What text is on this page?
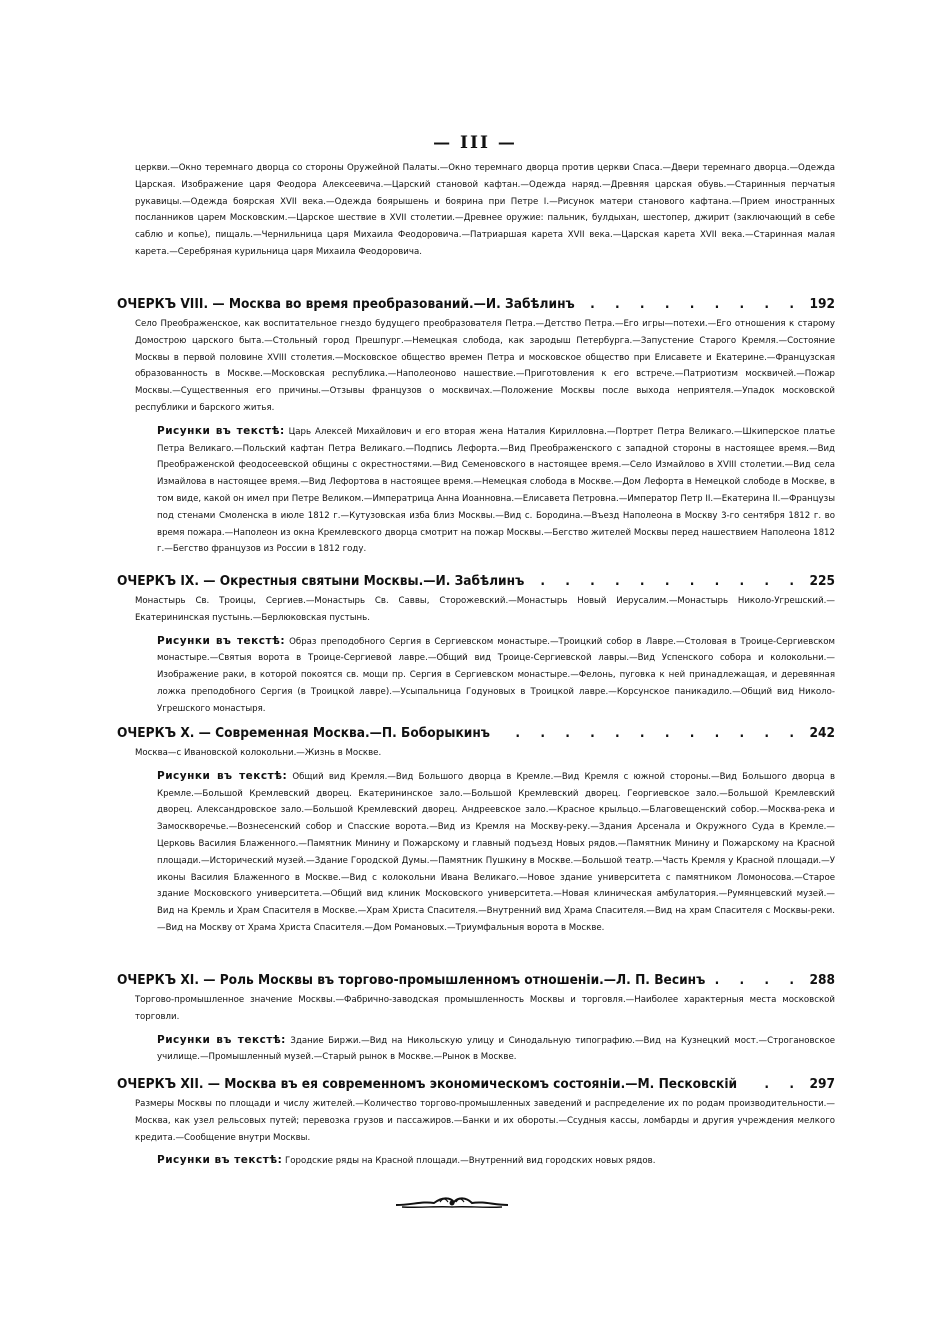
— III —

церкви.—Окно теремнаго дворца со стороны Оружейной Палаты.—Окно теремнаго дворца против церкви Спаса.—Двери теремнаго дворца.—Одежда Царская. Изображение царя Феодора Алексеевича.—Царский становой кафтан.—Одежда наряд.—Древняя царская обувь.—Старинныя перчатыя рукавицы.—Одежда боярская XVII века.—Одежда боярышень и боярина при Петре I.—Рисунок матери станового кафтана.—Прием иностранных посланников царем Московским.—Царское шествие в XVII столетии.—Древнее оружие: пальник, булдыхан, шестопер, джирит (заключающий в себе саблю и копье), пищаль.—Чернильница царя Михаила Феодоровича.—Патриаршая карета XVII века.—Царская карета XVII века.—Старинная малая карета.—Серебряная курильница царя Михаила Феодоровича.

. . . . . . . . .
ОЧЕРКЪ VIII. — Москва во время преобразований.—И. Забѣлинъ	192

Село Преображенское, как воспитательное гнездо будущего преобразователя Петра.—Детство Петра.—Его игры—потехи.—Его отношения к старому Домострою царского быта.—Стольный город Прешпург.—Немецкая слобода, как зародыш Петербурга.—Запустение Старого Кремля.—Состояние Москвы в первой половине XVIII столетия.—Московское общество времен Петра и московское общество при Елисавете и Екатерине.—Французская образованность в Москве.—Московская республика.—Наполеоново нашествие.—Приготовления к его встрече.—Патриотизм москвичей.—Пожар Москвы.—Существенныя его причины.—Отзывы французов о москвичах.—Положение Москвы после выхода неприятеля.—Упадок московской республики и барского житья.

Рисунки въ текстѣ: Царь Алексей Михайлович и его вторая жена Наталия Кирилловна.—Портрет Петра Великаго.—Шкиперское платье Петра Великаго.—Польский кафтан Петра Великаго.—Подпись Лефорта.—Вид Преображенского с западной стороны в настоящее время.—Вид Преображенской феодосеевской общины с окрестностями.—Вид Семеновского в настоящее время.—Село Измайлово в XVIII столетии.—Вид села Измайлова в настоящее время.—Вид Лефортова в настоящее время.—Немецкая слобода в Москве.—Дом Лефорта в Немецкой слободе в Москве, в том виде, какой он имел при Петре Великом.—Императрица Анна Иоанновна.—Елисавета Петровна.—Император Петр II.—Екатерина II.—Французы под стенами Смоленска в июле 1812 г.—Кутузовская изба близ Москвы.—Вид с. Бородина.—Въезд Наполеона в Москву 3-го сентября 1812 г. во время пожара.—Наполеон из окна Кремлевского дворца смотрит на пожар Москвы.—Бегство жителей Москвы перед нашествием Наполеона 1812 г.—Бегство французов из России в 1812 году.

. . . . . . . . . . .
ОЧЕРКЪ IX. — Окрестныя святыни Москвы.—И. Забѣлинъ	225

Монастырь Св. Троицы, Сергиев.—Монастырь Св. Саввы, Сторожевский.—Монастырь Новый Иерусалим.—Монастырь Николо-Угрешский.—Екатерининская пустынь.—Берлюковская пустынь.

Рисунки въ текстѣ: Образ преподобного Сергия в Сергиевском монастыре.—Троицкий собор в Лавре.—Столовая в Троице-Сергиевском монастыре.—Святыя ворота в Троице-Сергиевой лавре.—Общий вид Троице-Сергиевской лавры.—Вид Успенского собора и колокольни.—Изображение раки, в которой покоятся св. мощи пр. Сергия в Сергиевском монастыре.—Фелонь, пуговка к ней принадлежащая, и деревянная ложка преподобного Сергия (в Троицкой лавре).—Усыпальница Годуновых в Троицкой лавре.—Корсунское паникадило.—Общий вид Николо-Угрешского монастыря.

. . . . . . . . . . . . .
ОЧЕРКЪ X. — Современная Москва.—П. Боборыкинъ	242

Москва—с Ивановской колокольни.—Жизнь в Москве.

Рисунки въ текстѣ: Общий вид Кремля.—Вид Большого дворца в Кремле.—Вид Кремля с южной стороны.—Вид Большого дворца в Кремле.—Большой Кремлевский дворец. Екатерининское зало.—Большой Кремлевский дворец. Георгиевское зало.—Большой Кремлевский дворец. Александровское зало.—Большой Кремлевский дворец. Андреевское зало.—Красное крыльцо.—Благовещенский собор.—Москва-река и Замоскворечье.—Вознесенский собор и Спасские ворота.—Вид из Кремля на Москву-реку.—Здания Арсенала и Окружного Суда в Кремле.—Церковь Василия Блаженного.—Памятник Минину и Пожарскому и главный подъезд Новых рядов.—Памятник Минину и Пожарскому на Красной площади.—Исторический музей.—Здание Городской Думы.—Памятник Пушкину в Москве.—Большой театр.—Часть Кремля у Красной площади.—У иконы Василия Блаженного в Москве.—Вид с колокольни Ивана Великаго.—Новое здание университета с памятником Ломоносова.—Старое здание Московского университета.—Общий вид клиник Московского университета.—Новая клиническая амбулатория.—Румянцевский музей.—Вид на Кремль и Храм Спасителя в Москве.—Храм Христа Спасителя.—Внутренний вид Храма Спасителя.—Вид на храм Спасителя с Москвы-реки.—Вид на Москву от Храма Христа Спасителя.—Дом Романовых.—Триумфальныя ворота в Москве.

. . . .
ОЧЕРКЪ XI. — Роль Москвы въ торгово-промышленномъ отношеніи.—Л. П. Весинъ	288

Торгово-промышленное значение Москвы.—Фабрично-заводская промышленность Москвы и торговля.—Наиболее характерныя места московской торговли.

Рисунки въ текстѣ: Здание Биржи.—Вид на Никольскую улицу и Синодальную типографию.—Вид на Кузнецкий мост.—Строгановское училище.—Промышленный музей.—Старый рынок в Москве.—Рынок в Москве.

. . .
ОЧЕРКЪ XII. — Москва въ ея современномъ экономическомъ состояніи.—М. Песковскій	297

Размеры Москвы по площади и числу жителей.—Количество торгово-промышленных заведений и распределение их по родам производительности.—Москва, как узел рельсовых путей; перевозка грузов и пассажиров.—Банки и их обороты.—Ссудныя кассы, ломбарды и другия учреждения мелкого кредита.—Сообщение внутри Москвы.

Рисунки въ текстѣ: Городские ряды на Красной площади.—Внутренний вид городских новых рядов.
